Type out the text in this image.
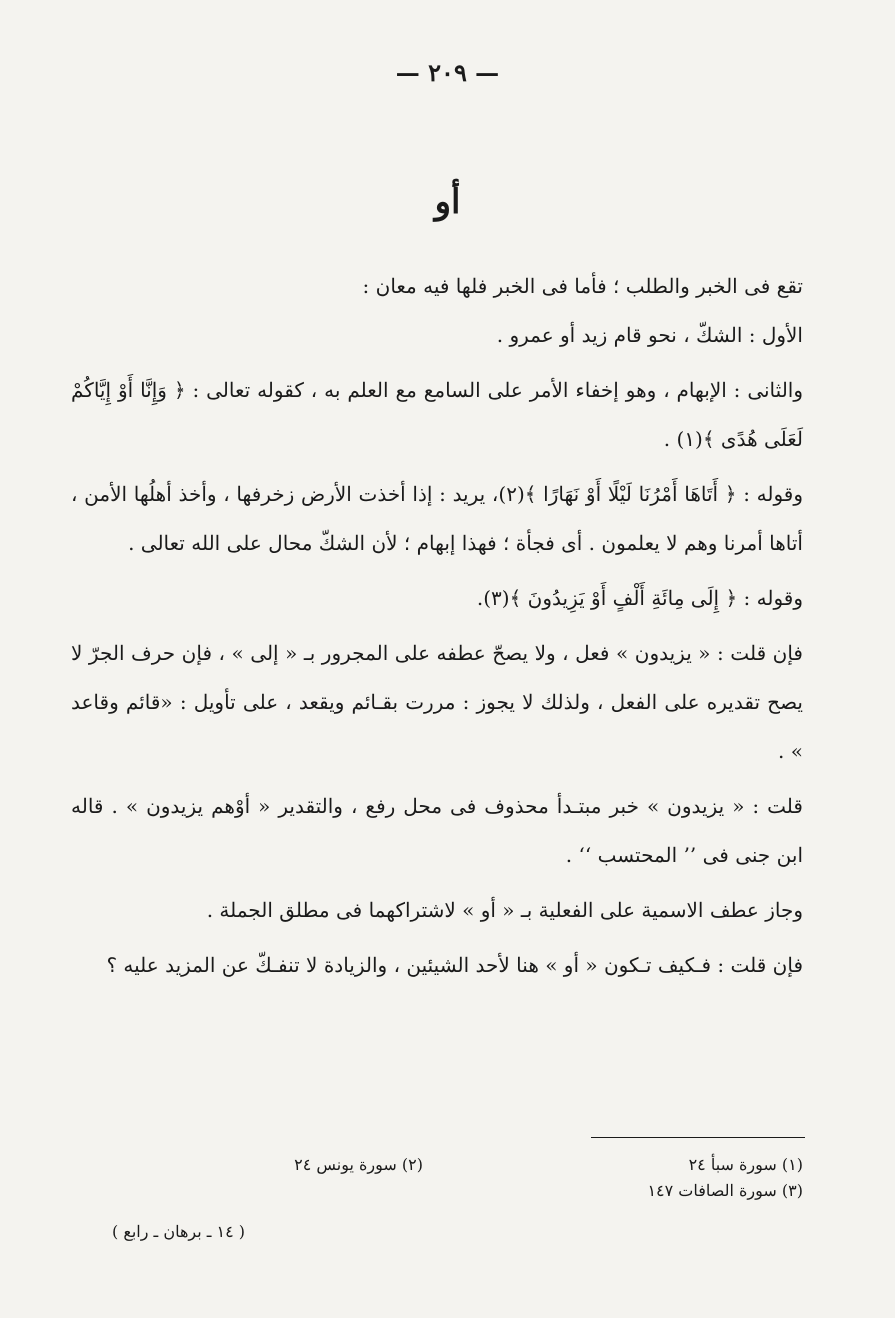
— ٢٠٩ —
أو

تقع فى الخبر والطلب ؛ فأما فى الخبر فلها فيه معان :

الأول : الشكّ ، نحو قام زيد أو عمرو .

والثانى : الإبهام ، وهو إخفاء الأمر على السامع مع العلم به ، كقوله تعالى : ﴿ وَإِنَّا أَوْ إِيَّاكُمْ لَعَلَى هُدًى ﴾(١) .

وقوله : ﴿ أَتَاهَا أَمْرُنَا لَيْلًا أَوْ نَهَارًا ﴾(٢)، يريد : إذا أخذت الأرض زخرفها ، وأخذ أهلُها الأمن ، أتاها أمرنا وهم لا يعلمون . أى فجأة ؛ فهذا إبهام ؛ لأن الشكّ محال على الله تعالى .

وقوله : ﴿ إِلَى مِائَةِ أَلْفٍ أَوْ يَزِيدُونَ ﴾(٣).

فإن قلت : « يزيدون » فعل ، ولا يصحّ عطفه على المجرور بـ « إلى » ، فإن حرف الجرّ لا يصح تقديره على الفعل ، ولذلك لا يجوز : مررت بقـائم ويقعد ، على تأويل : «قائم وقاعد » .

قلت : « يزيدون » خبر مبتـدأ محذوف فى محل رفع ، والتقدير « أوْهم يزيدون » . قاله ابن جنى فى ’’ المحتسب ‘‘ .

وجاز عطف الاسمية على الفعلية بـ « أو » لاشتراكهما فى مطلق الجملة .

فإن قلت : فـكيف تـكون « أو » هنا لأحد الشيئين ، والزيادة لا تنفـكّ عن المزيد عليه ؟

(١) سورة سبأ ٢٤
(٣) سورة الصافات ١٤٧
(٢) سورة يونس ٢٤
( ١٤ ـ برهان ـ رابع )
